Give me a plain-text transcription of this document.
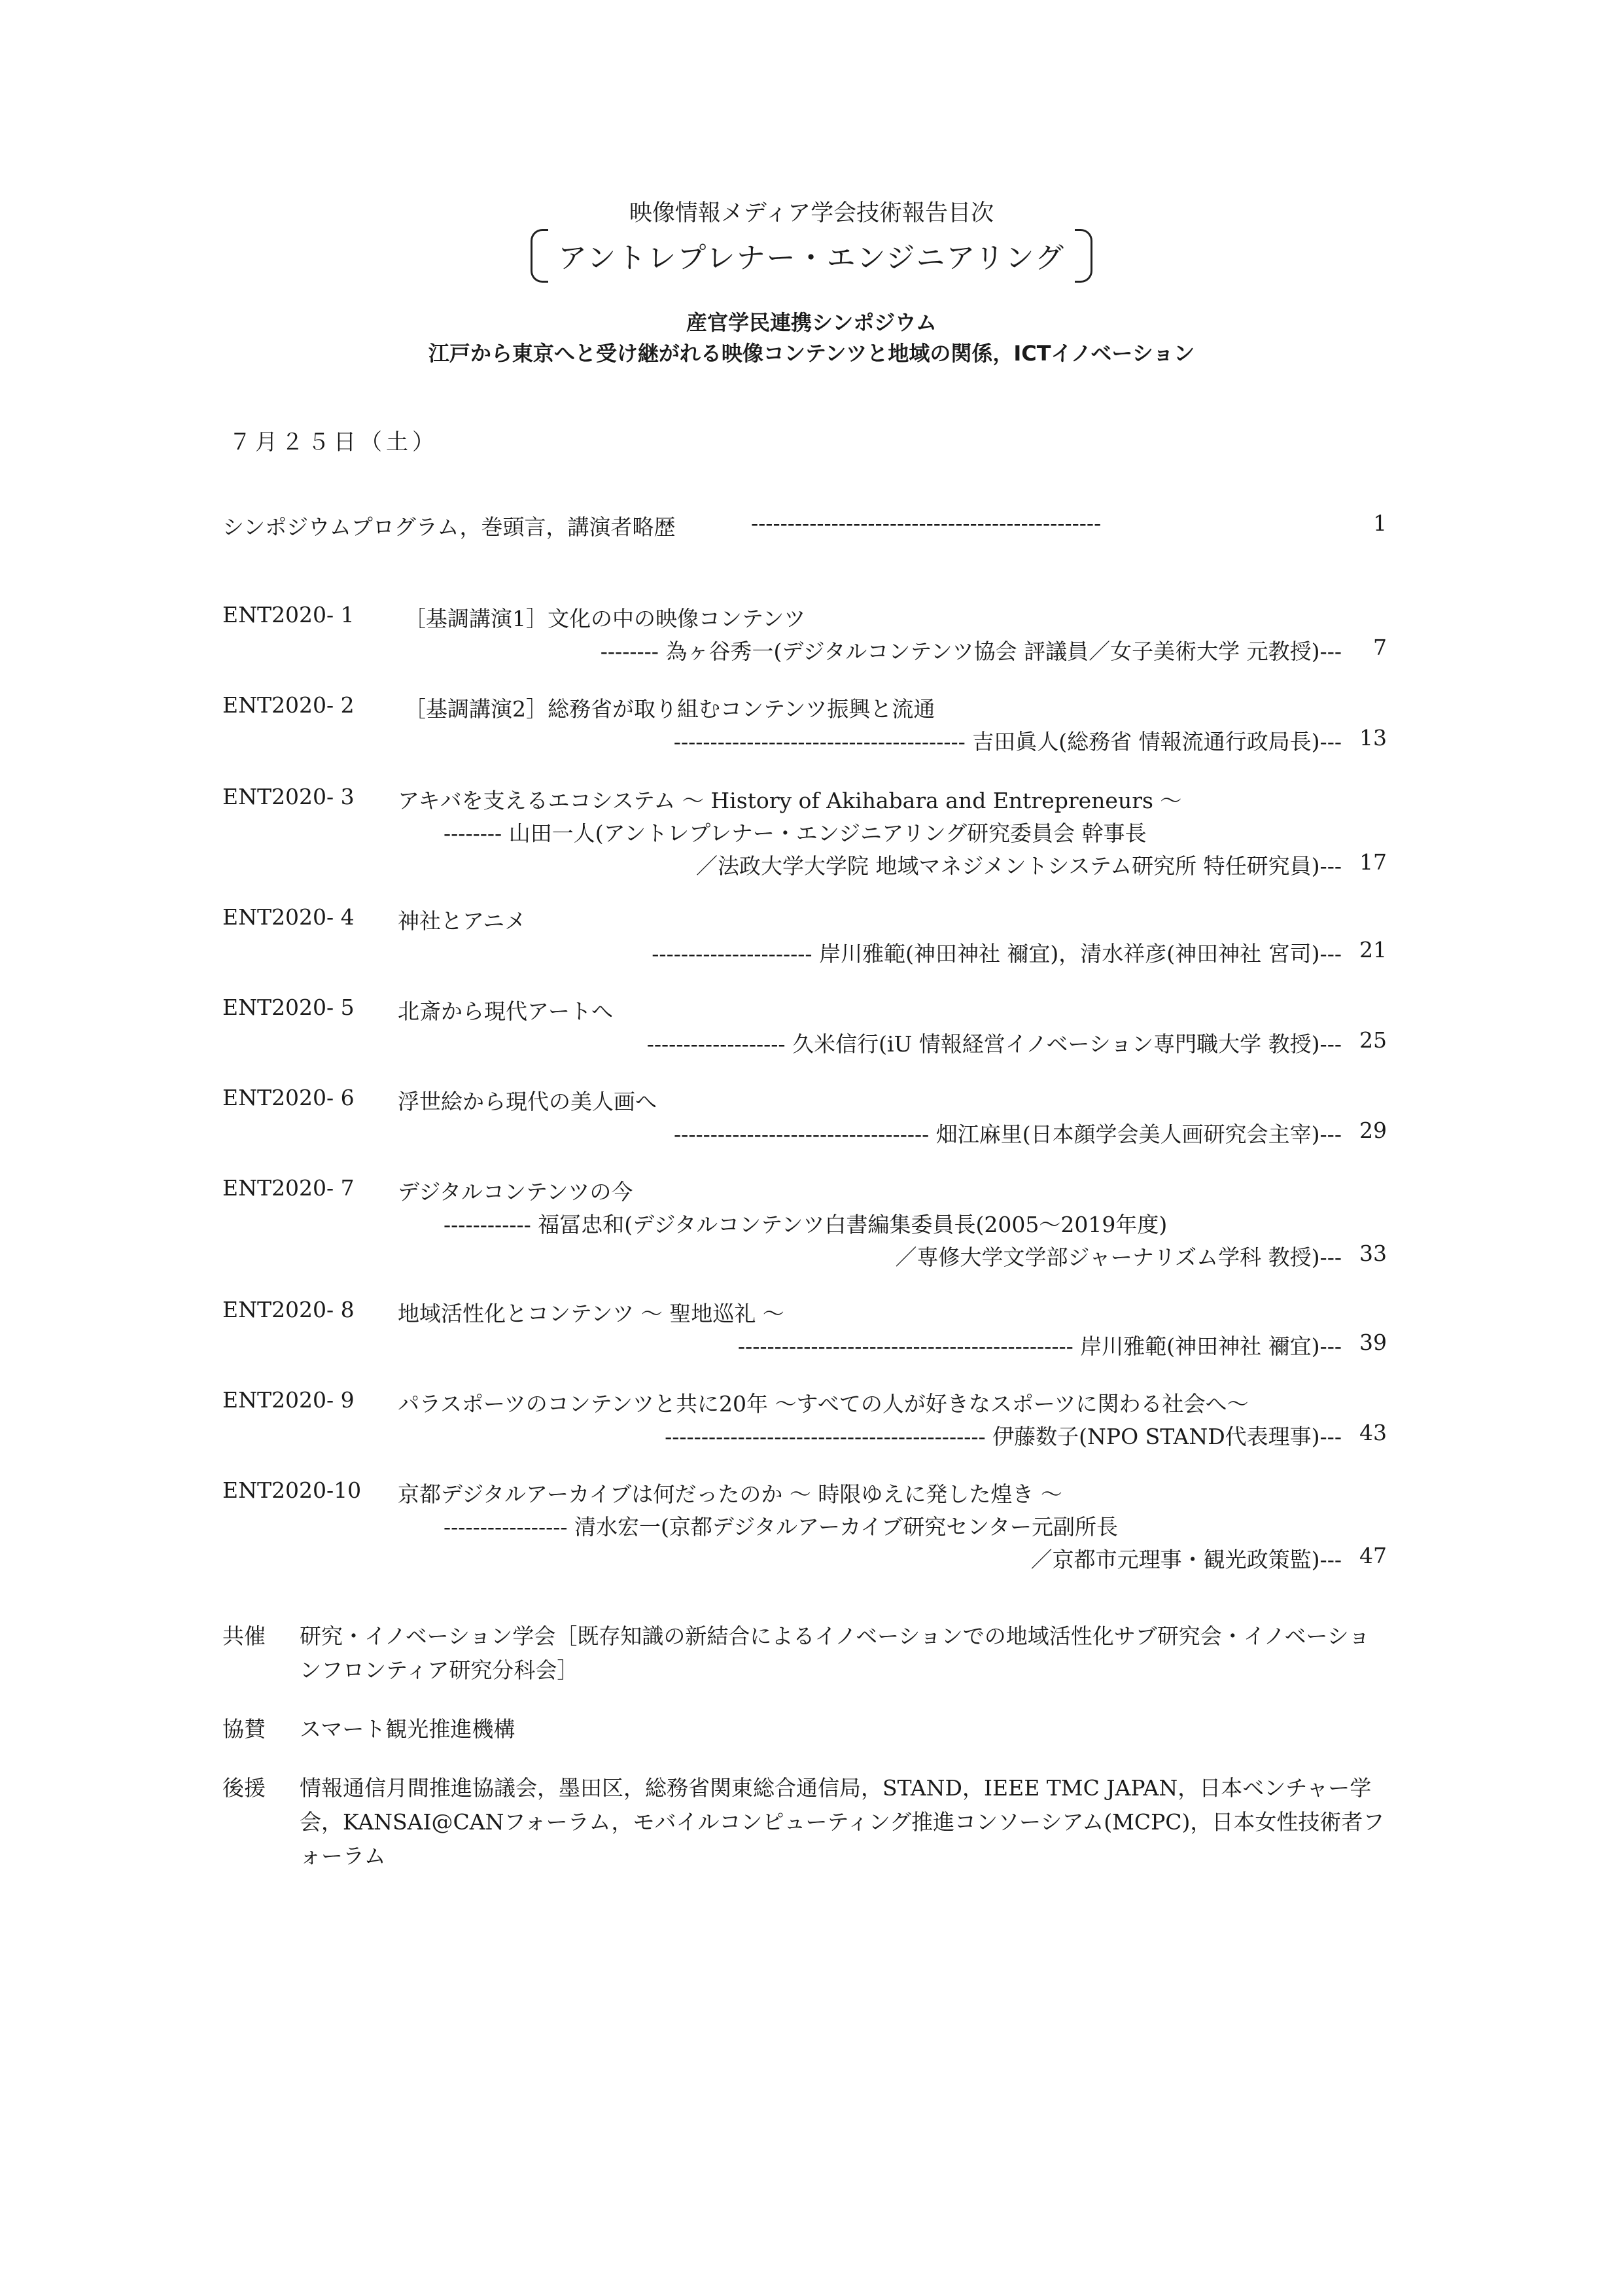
映像情報メディア学会技術報告目次
アントレプレナー・エンジニアリング
産官学民連携シンポジウム
江戸から東京へと受け継がれる映像コンテンツと地域の関係，ICTイノベーション
７月２５日（土）
シンポジウムプログラム，巻頭言，講演者略歴	------------------------------------------------	1
ENT2020- 1 ［基調講演1］文化の中の映像コンテンツ
-------- 為ヶ谷秀一(デジタルコンテンツ協会 評議員／女子美術大学 元教授)---	7
ENT2020- 2 ［基調講演2］総務省が取り組むコンテンツ振興と流通
---------------------------------------- 吉田眞人(総務省 情報流通行政局長)--- 13
ENT2020- 3 アキバを支えるエコシステム 〜 History of Akihabara and Entrepreneurs 〜
-------- 山田一人(アントレプレナー・エンジニアリング研究委員会 幹事長
／法政大学大学院 地域マネジメントシステム研究所 特任研究員)--- 17
ENT2020- 4 神社とアニメ
---------------------- 岸川雅範(神田神社 禰宜)，清水祥彦(神田神社 宮司)--- 21
ENT2020- 5 北斎から現代アートへ
------------------- 久米信行(iU 情報経営イノベーション専門職大学 教授)--- 25
ENT2020- 6 浮世絵から現代の美人画へ
----------------------------------- 畑江麻里(日本顔学会美人画研究会主宰)--- 29
ENT2020- 7 デジタルコンテンツの今
------------ 福冨忠和(デジタルコンテンツ白書編集委員長(2005〜2019年度)
／専修大学文学部ジャーナリズム学科 教授)--- 33
ENT2020- 8 地域活性化とコンテンツ 〜 聖地巡礼 〜
---------------------------------------------- 岸川雅範(神田神社 禰宜)--- 39
ENT2020- 9 パラスポーツのコンテンツと共に20年 〜すべての人が好きなスポーツに関わる社会へ〜
-------------------------------------------- 伊藤数子(NPO STAND代表理事)--- 43
ENT2020-10 京都デジタルアーカイブは何だったのか 〜 時限ゆえに発した煌き 〜
----------------- 清水宏一(京都デジタルアーカイブ研究センター元副所長
／京都市元理事・観光政策監)--- 47
共催	研究・イノベーション学会［既存知識の新結合によるイノベーションでの地域活性化サブ研究会・イノベーションフロンティア研究分科会］
協賛	スマート観光推進機構
後援	情報通信月間推進協議会，墨田区，総務省関東総合通信局，STAND，IEEE TMC JAPAN，日本ベンチャー学会，KANSAI@CANフォーラム，モバイルコンピューティング推進コンソーシアム(MCPC)，日本女性技術者フォーラム
